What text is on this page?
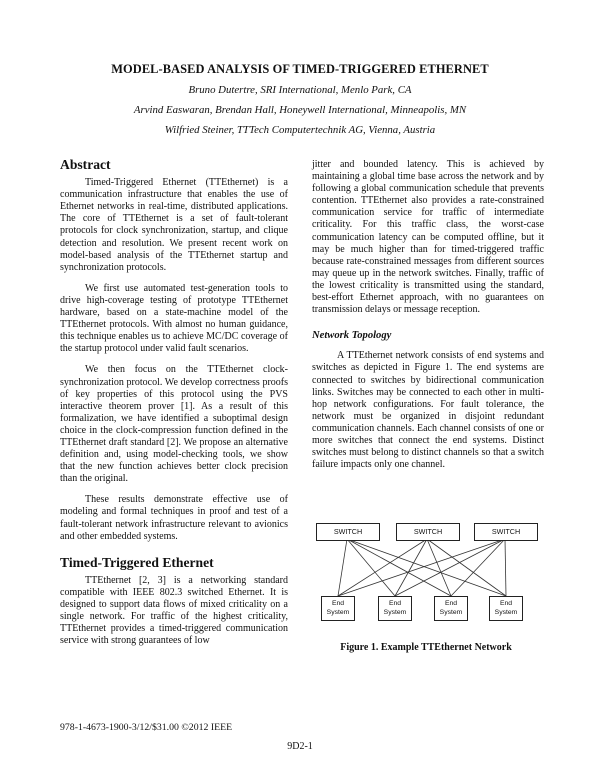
MODEL-BASED ANALYSIS OF TIMED-TRIGGERED ETHERNET
Bruno Dutertre, SRI International, Menlo Park, CA
Arvind Easwaran, Brendan Hall, Honeywell International, Minneapolis, MN
Wilfried Steiner, TTTech Computertechnik AG, Vienna, Austria
Abstract

Timed-Triggered Ethernet (TTEthernet) is a communication infrastructure that enables the use of Ethernet networks in real-time, distributed applications. The core of TTEthernet is a set of fault-tolerant protocols for clock synchronization, startup, and clique detection and resolution. We present recent work on model-based analysis of the TTEthernet startup and synchronization protocols.

We first use automated test-generation tools to drive high-coverage testing of prototype TTEthernet hardware, based on a state-machine model of the TTEthernet protocols. With almost no human guidance, this technique enables us to achieve MC/DC coverage of the startup protocol under valid fault scenarios.

We then focus on the TTEthernet clock-synchronization protocol. We develop correctness proofs of key properties of this protocol using the PVS interactive theorem prover [1]. As a result of this formalization, we have identified a suboptimal design choice in the clock-compression function defined in the TTEthernet draft standard [2]. We propose an alternative definition and, using model-checking tools, we show that the new function achieves better clock precision than the original.

These results demonstrate effective use of modeling and formal techniques in proof and test of a fault-tolerant network infrastructure relevant to avionics and other embedded systems.

Timed-Triggered Ethernet

TTEthernet [2, 3] is a networking standard compatible with IEEE 802.3 switched Ethernet. It is designed to support data flows of mixed criticality on a single network. For traffic of the highest criticality, TTEthernet provides a timed-triggered communication service with strong guarantees of low

jitter and bounded latency. This is achieved by maintaining a global time base across the network and by following a global communication schedule that prevents contention. TTEthernet also provides a rate-constrained communication service for traffic of intermediate criticality. For this traffic class, the worst-case communication latency can be computed offline, but it may be much higher than for timed-triggered traffic because rate-constrained messages from different sources may queue up in the network switches. Finally, traffic of the lowest criticality is transmitted using the standard, best-effort Ethernet approach, with no guarantees on transmission delays or message reception.

Network Topology

A TTEthernet network consists of end systems and switches as depicted in Figure 1. The end systems are connected to switches by bidirectional communication links. Switches may be connected to each other in multi-hop network configurations. For fault tolerance, the network must be organized in disjoint redundant communication channels. Each channel consists of one or more switches that connect the end systems. Distinct switches must belong to distinct channels so that a switch failure impacts only one channel.

SWITCH	SWITCH	SWITCH
End
System
End
System
End
System
End
System
Figure 1. Example TTEthernet Network
978-1-4673-1900-3/12/$31.00 ©2012 IEEE
9D2-1
